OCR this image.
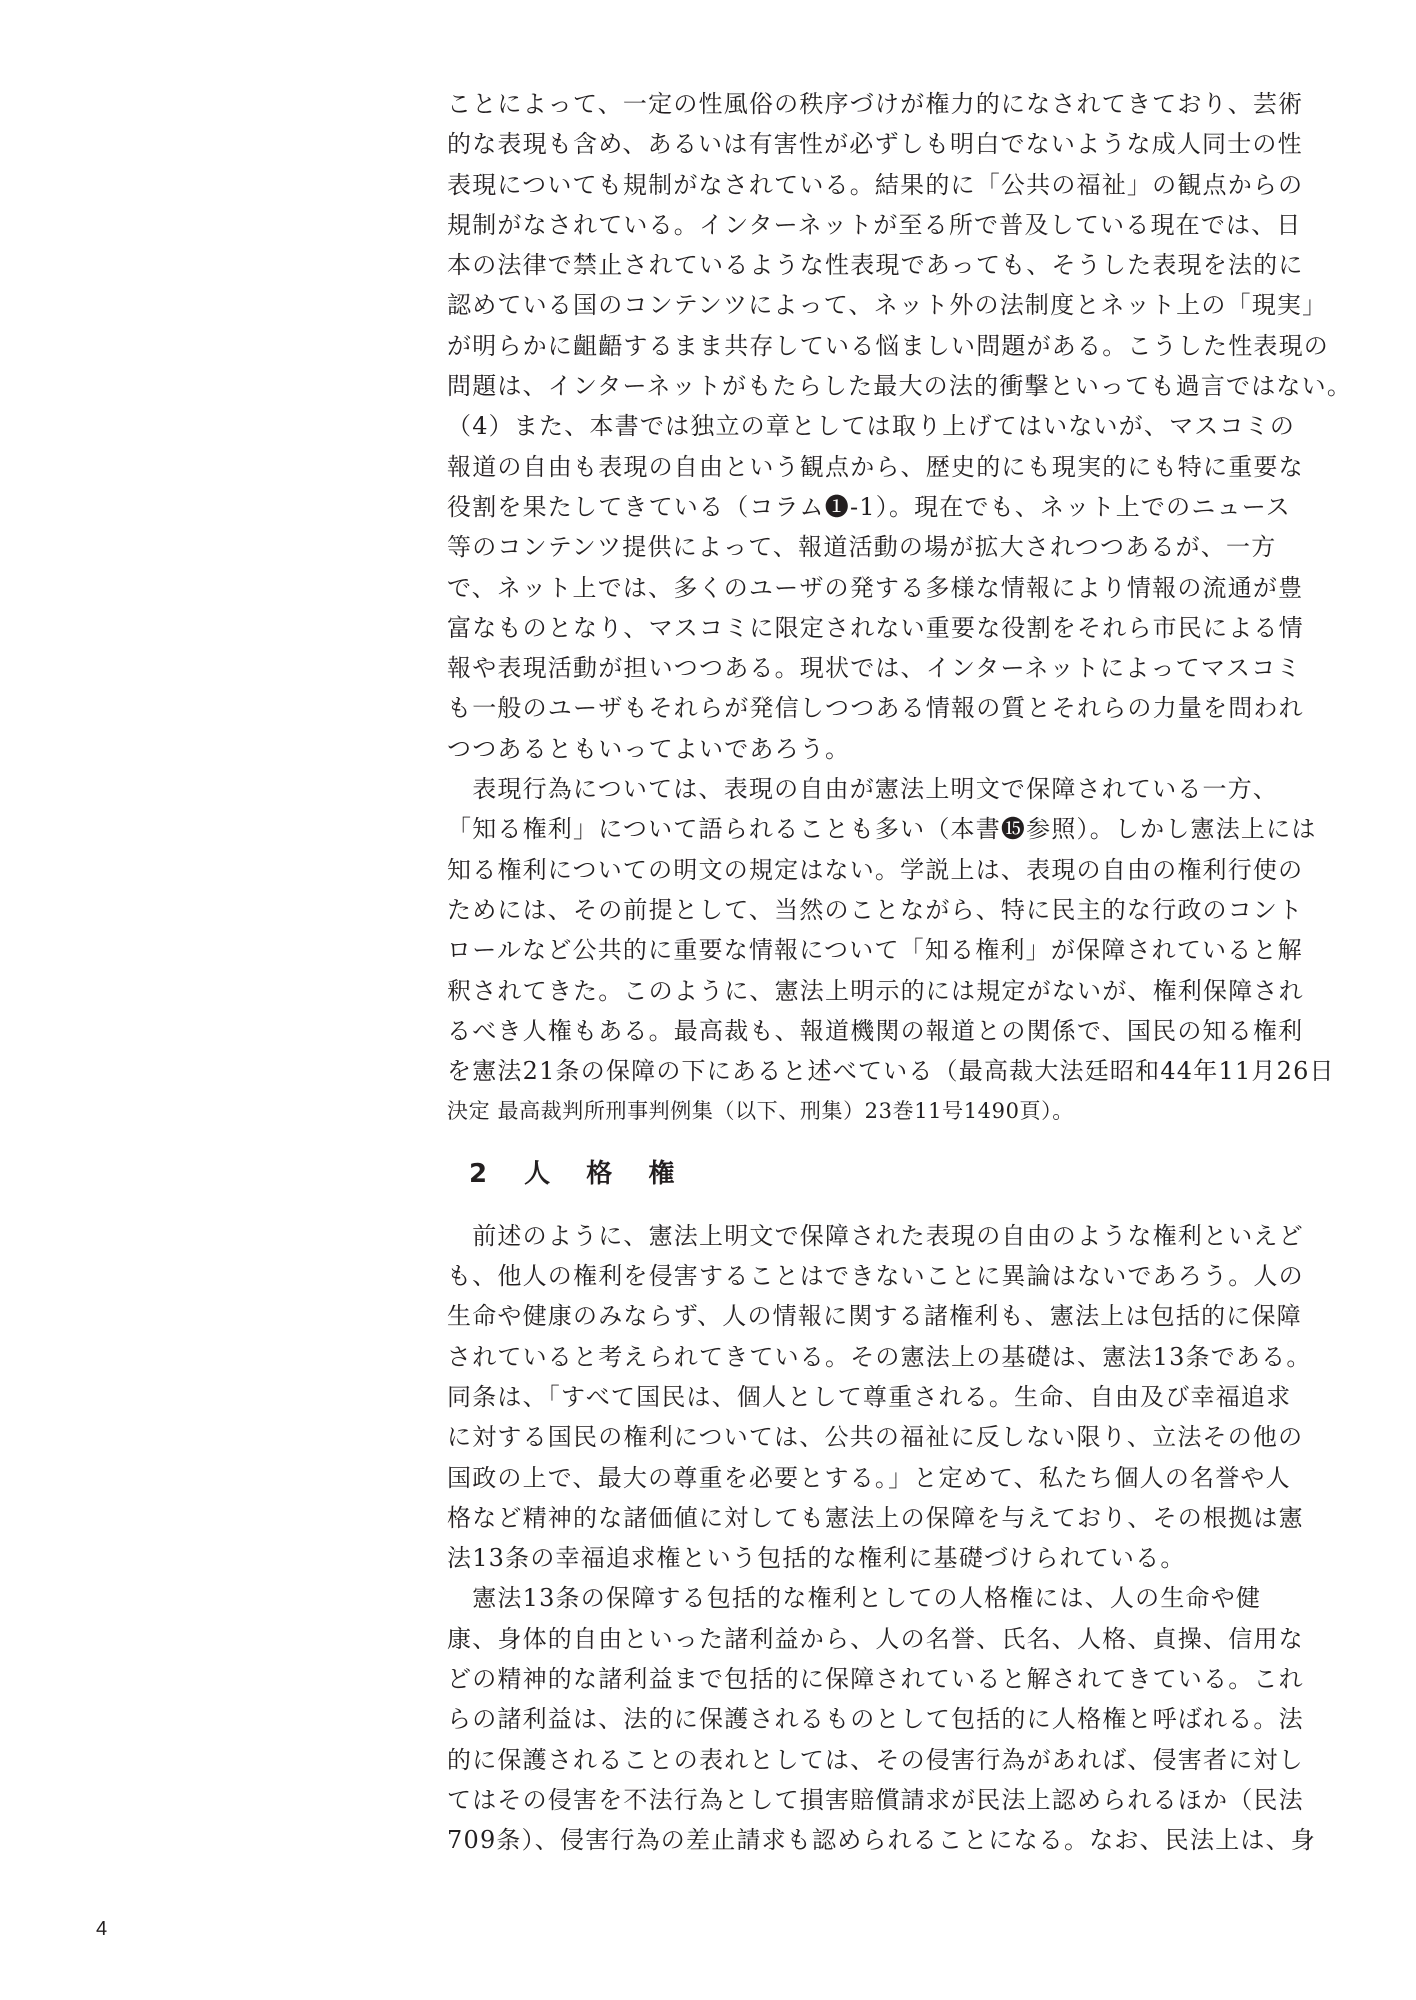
ことによって、一定の性風俗の秩序づけが権力的になされてきており、芸術
的な表現も含め、あるいは有害性が必ずしも明白でないような成人同士の性
表現についても規制がなされている。結果的に「公共の福祉」の観点からの
規制がなされている。インターネットが至る所で普及している現在では、日
本の法律で禁止されているような性表現であっても、そうした表現を法的に
認めている国のコンテンツによって、ネット外の法制度とネット上の「現実」
が明らかに齟齬するまま共存している悩ましい問題がある。こうした性表現の
問題は、インターネットがもたらした最大の法的衝撃といっても過言ではない。
（4）また、本書では独立の章としては取り上げてはいないが、マスコミの
報道の自由も表現の自由という観点から、歴史的にも現実的にも特に重要な
役割を果たしてきている（コラム❶-1）。現在でも、ネット上でのニュース
等のコンテンツ提供によって、報道活動の場が拡大されつつあるが、一方
で、ネット上では、多くのユーザの発する多様な情報により情報の流通が豊
富なものとなり、マスコミに限定されない重要な役割をそれら市民による情
報や表現活動が担いつつある。現状では、インターネットによってマスコミ
も一般のユーザもそれらが発信しつつある情報の質とそれらの力量を問われ
つつあるともいってよいであろう。
　表現行為については、表現の自由が憲法上明文で保障されている一方、
「知る権利」について語られることも多い（本書⓯参照）。しかし憲法上には
知る権利についての明文の規定はない。学説上は、表現の自由の権利行使の
ためには、その前提として、当然のことながら、特に民主的な行政のコント
ロールなど公共的に重要な情報について「知る権利」が保障されていると解
釈されてきた。このように、憲法上明示的には規定がないが、権利保障され
るべき人権もある。最高裁も、報道機関の報道との関係で、国民の知る権利
を憲法21条の保障の下にあると述べている（最高裁大法廷昭和44年11月26日
決定 最高裁判所刑事判例集（以下、刑集）23巻11号1490頁）。
2 人 格 権
　前述のように、憲法上明文で保障された表現の自由のような権利といえど
も、他人の権利を侵害することはできないことに異論はないであろう。人の
生命や健康のみならず、人の情報に関する諸権利も、憲法上は包括的に保障
されていると考えられてきている。その憲法上の基礎は、憲法13条である。
同条は、「すべて国民は、個人として尊重される。生命、自由及び幸福追求
に対する国民の権利については、公共の福祉に反しない限り、立法その他の
国政の上で、最大の尊重を必要とする。」と定めて、私たち個人の名誉や人
格など精神的な諸価値に対しても憲法上の保障を与えており、その根拠は憲
法13条の幸福追求権という包括的な権利に基礎づけられている。
　憲法13条の保障する包括的な権利としての人格権には、人の生命や健
康、身体的自由といった諸利益から、人の名誉、氏名、人格、貞操、信用な
どの精神的な諸利益まで包括的に保障されていると解されてきている。これ
らの諸利益は、法的に保護されるものとして包括的に人格権と呼ばれる。法
的に保護されることの表れとしては、その侵害行為があれば、侵害者に対し
てはその侵害を不法行為として損害賠償請求が民法上認められるほか（民法
709条）、侵害行為の差止請求も認められることになる。なお、民法上は、身
4
